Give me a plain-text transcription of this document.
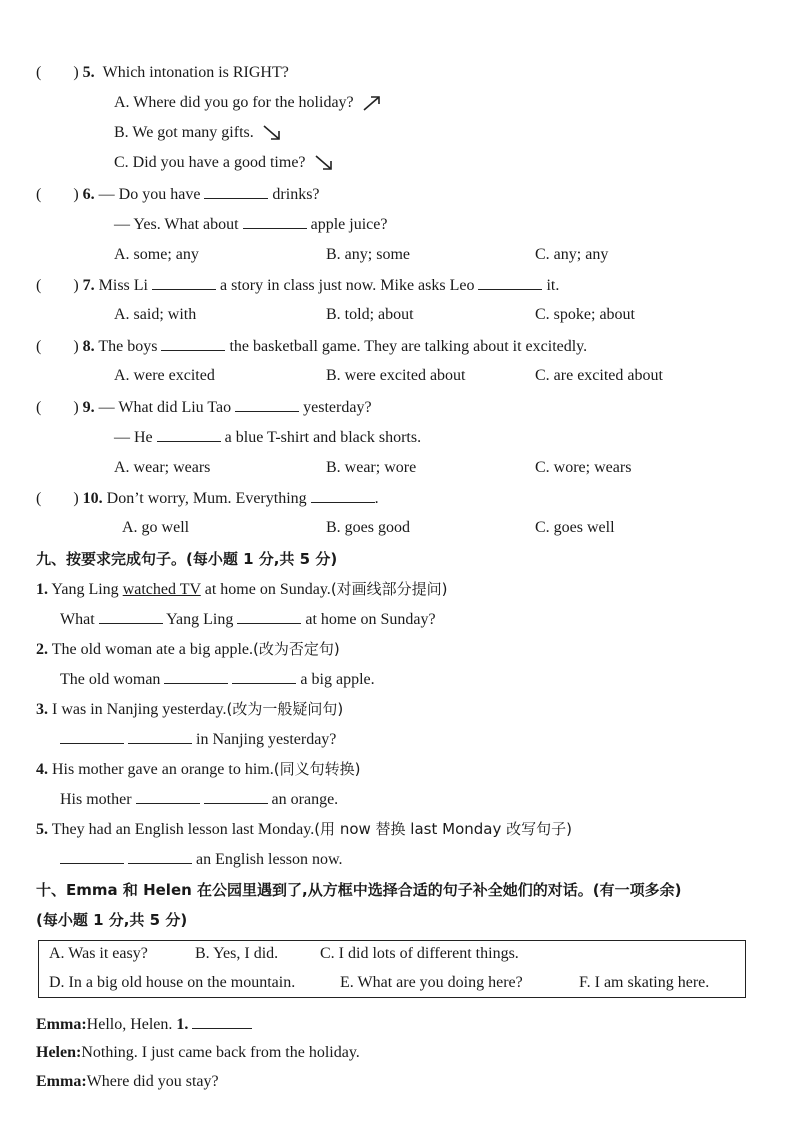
( ) 5. Which intonation is RIGHT?
A. Where did you go for the holiday?
B. We got many gifts.
C. Did you have a good time?
( ) 6. — Do you have	drinks?
— Yes. What about	apple juice?
A. some; any	B. any; some	C. any; any
( ) 7. Miss Li	a story in class just now. Mike asks Leo	it.
A. said; with	B. told; about	C. spoke; about
( ) 8. The boys	the basketball game. They are talking about it excitedly.
A. were excited	B. were excited about	C. are excited about
( ) 9. — What did Liu Tao	yesterday?
— He	a blue T-shirt and black shorts.
A. wear; wears	B. wear; wore	C. wore; wears
( ) 10. Don’t worry, Mum. Everything	.
A. go well	B. goes good	C. goes well
九、按要求完成句子。(每小题 1 分,共 5 分)
1. Yang Ling watched TV at home on Sunday.(对画线部分提问)
What	Yang Ling	at home on Sunday?
2. The old woman ate a big apple.(改为否定句)
The old woman	a big apple.
3. I was in Nanjing yesterday.(改为一般疑问句)
in Nanjing yesterday?
4. His mother gave an orange to him.(同义句转换)
His mother	an orange.
5. They had an English lesson last Monday.(用 now 替换 last Monday 改写句子)
an English lesson now.
十、Emma 和 Helen 在公园里遇到了,从方框中选择合适的句子补全她们的对话。(有一项多余)
(每小题 1 分,共 5 分)
A. Was it easy?	B. Yes, I did.	C. I did lots of different things.
D. In a big old house on the mountain.	E. What are you doing here?	F. I am skating here.
Emma:Hello, Helen. 1.
Helen:Nothing. I just came back from the holiday.
Emma:Where did you stay?
